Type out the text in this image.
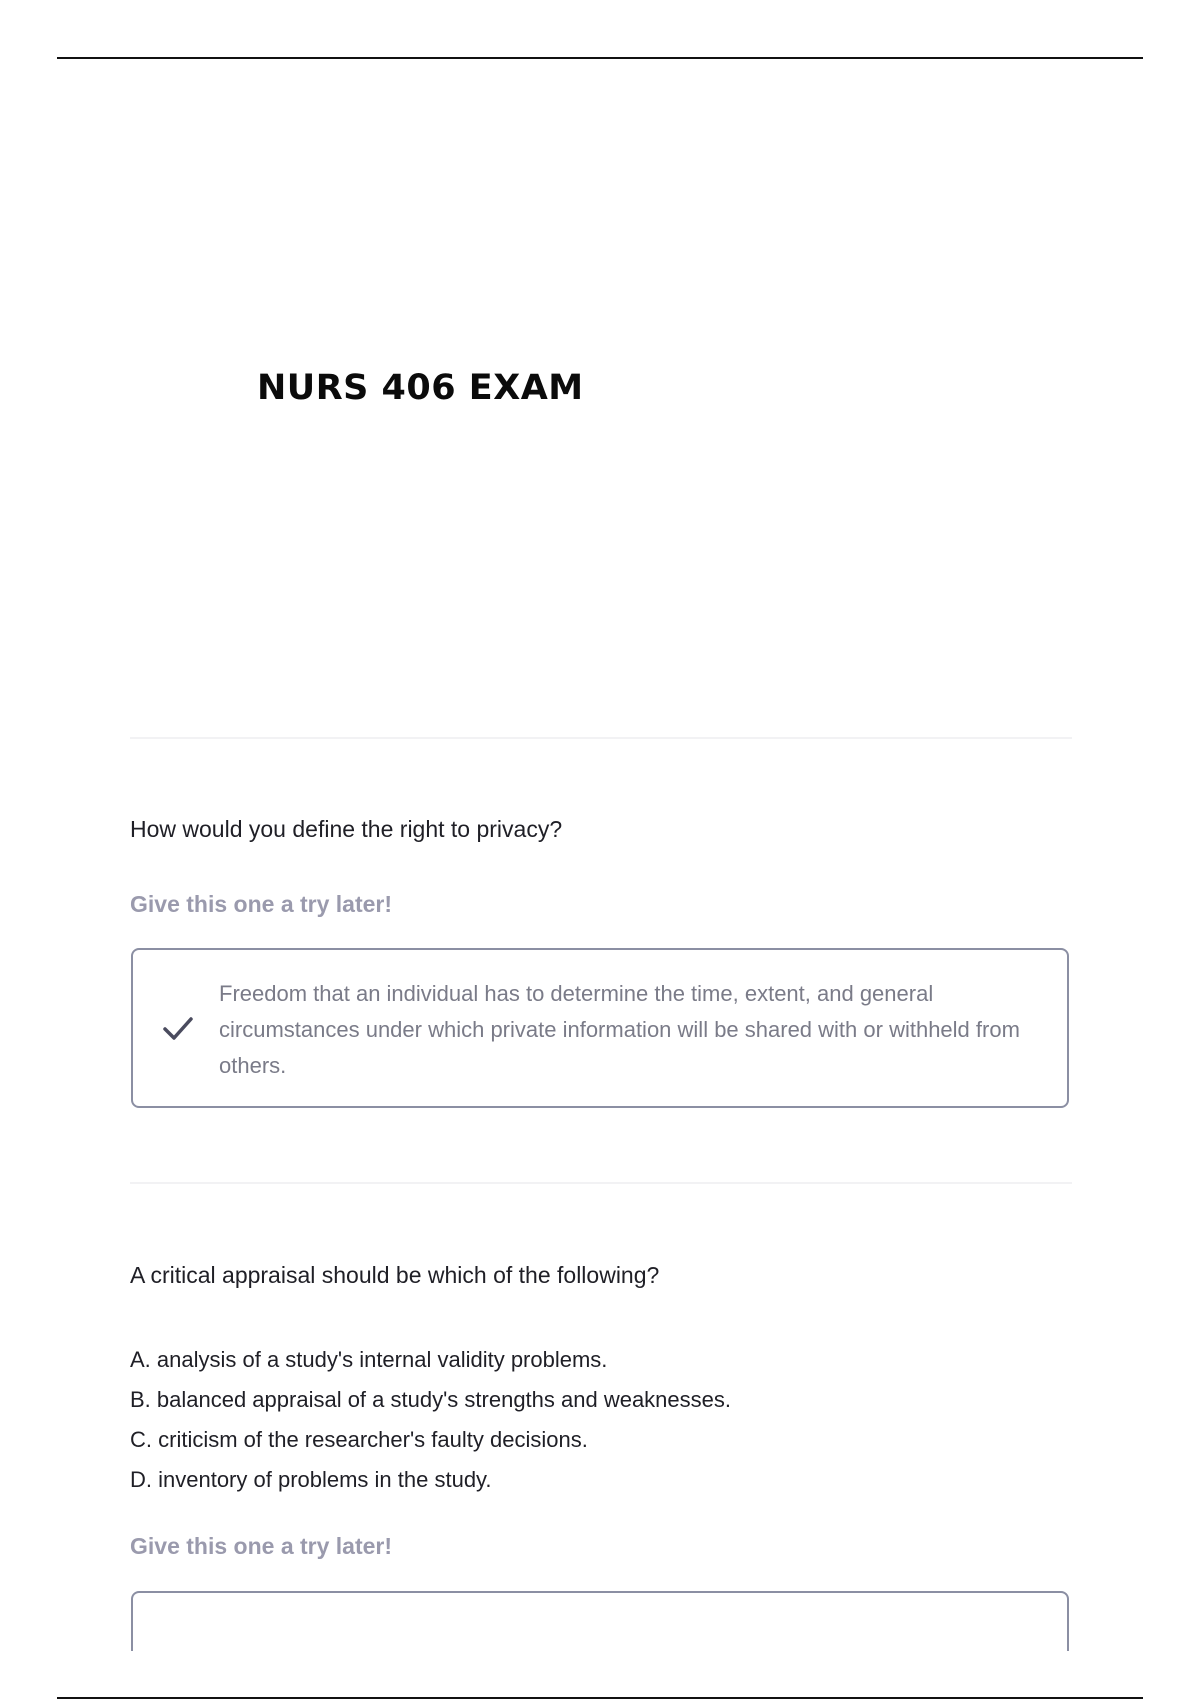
NURS 406 EXAM

How would you define the right to privacy?

Give this one a try later!

Freedom that an individual has to determine the time, extent, and general circumstances under which private information will be shared with or withheld from others.

A critical appraisal should be which of the following?

A. analysis of a study's internal validity problems.
B. balanced appraisal of a study's strengths and weaknesses.
C. criticism of the researcher's faulty decisions.
D. inventory of problems in the study.

Give this one a try later!
